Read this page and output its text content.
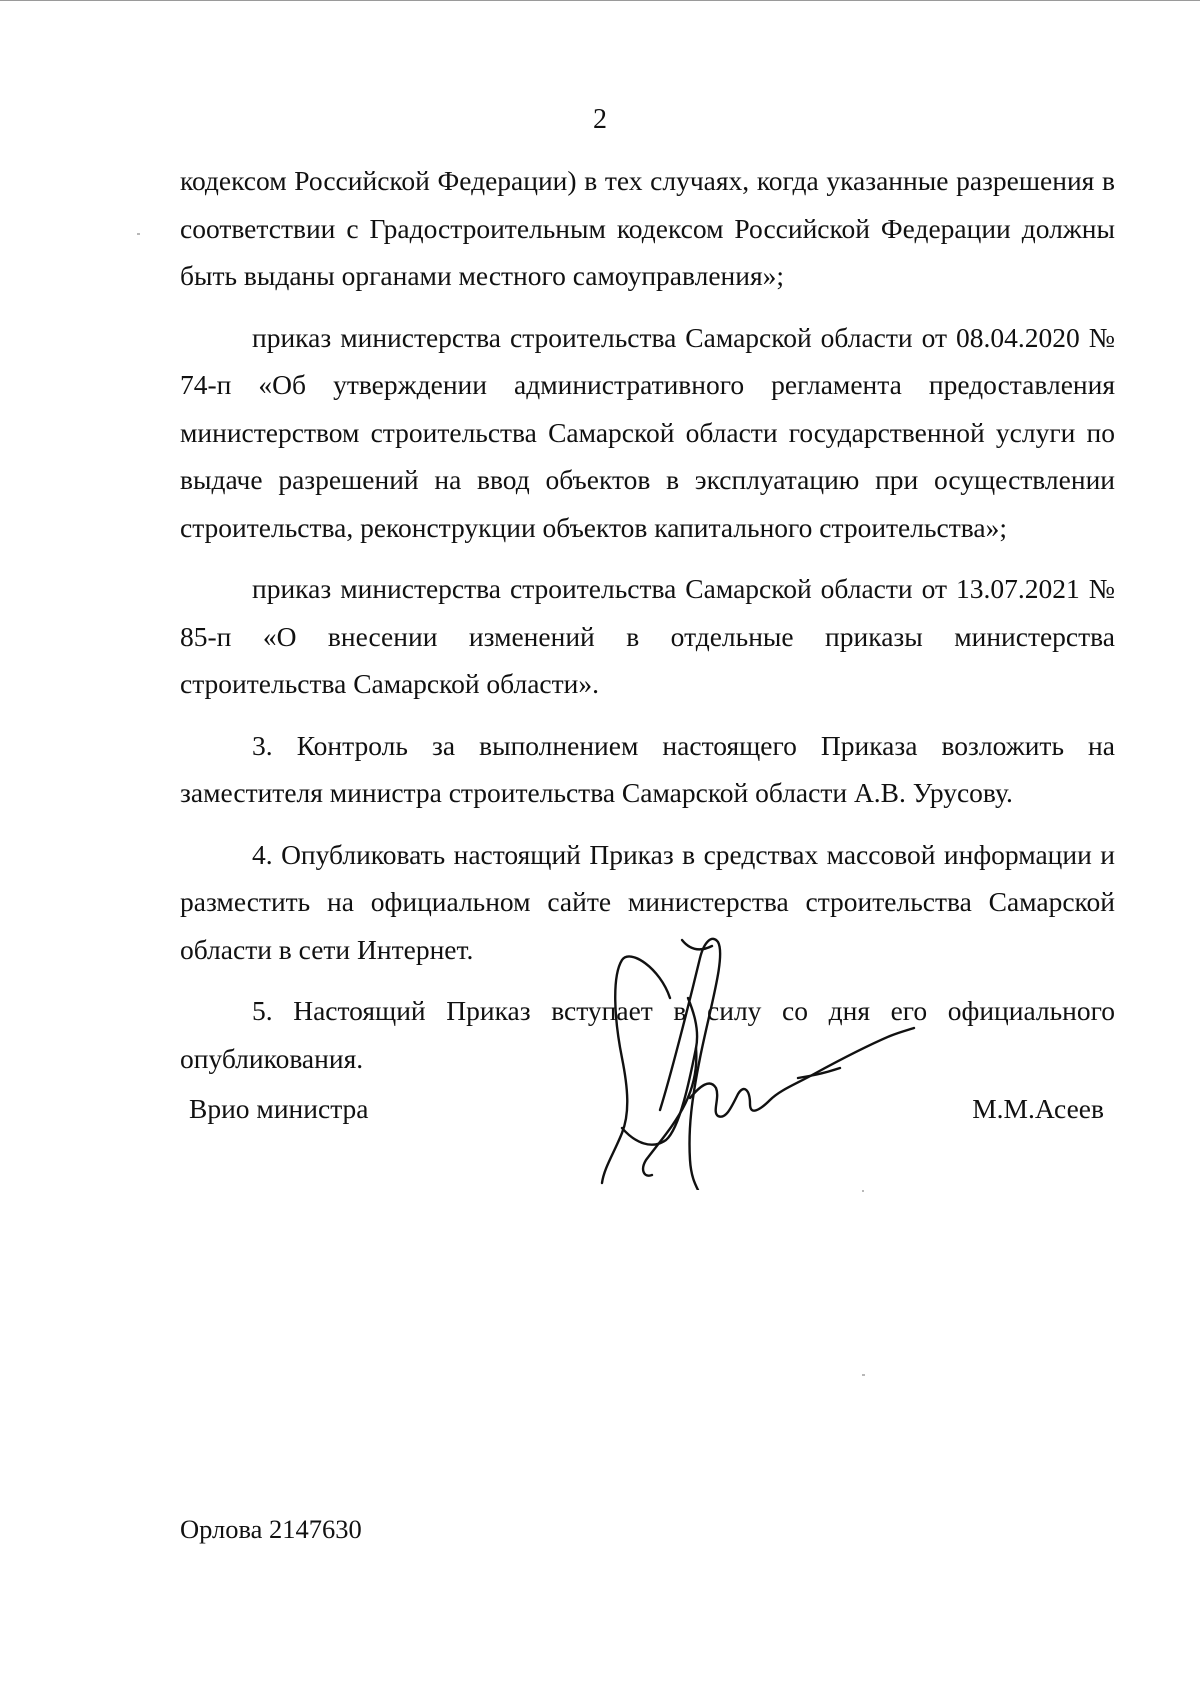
2

кодексом Российской Федерации) в тех случаях, когда указанные разрешения в соответствии с Градостроительным кодексом Российской Федерации должны быть выданы органами местного самоуправления»;

приказ министерства строительства Самарской области от 08.04.2020 № 74-п «Об утверждении административного регламента предоставления министерством строительства Самарской области государственной услуги по выдаче разрешений на ввод объектов в эксплуатацию при осуществлении строительства, реконструкции объектов капитального строительства»;

приказ министерства строительства Самарской области от 13.07.2021 № 85-п «О внесении изменений в отдельные приказы министерства строительства Самарской области».

3. Контроль за выполнением настоящего Приказа возложить на заместителя министра строительства Самарской области А.В. Урусову.

4. Опубликовать настоящий Приказ в средствах массовой информации и разместить на официальном сайте министерства строительства Самарской области в сети Интернет.

5. Настоящий Приказ вступает в силу со дня его официального опубликования.

Врио министра	М.М.Асеев
Орлова 2147630
